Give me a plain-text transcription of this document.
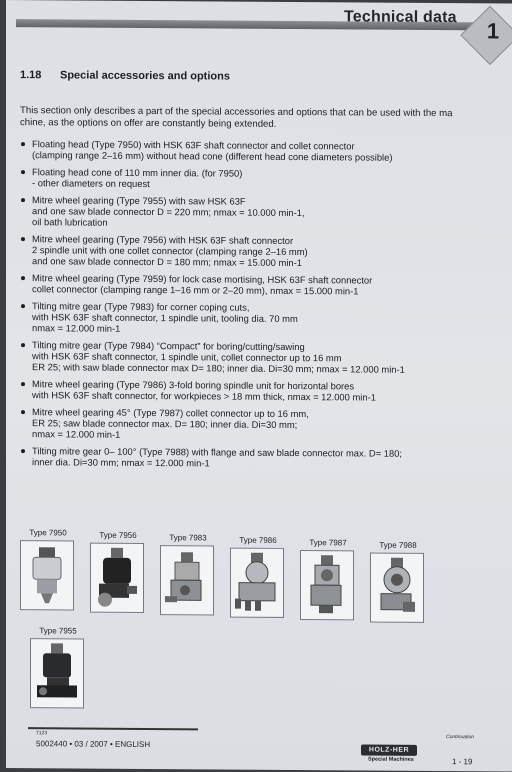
Technical data
1
1.18 Special accessories and options
This section only describes a part of the special accessories and options that can be used with the ma
chine, as the options on offer are constantly being extended.
Floating head (Type 7950) with HSK 63F shaft connector and collet connector
(clamping range 2–16 mm) without head cone (different head cone diameters possible)
Floating head cone of 110 mm inner dia. (for 7950)
- other diameters on request
Mitre wheel gearing (Type 7955) with saw HSK 63F
and one saw blade connector D = 220 mm; nmax = 10.000 min-1,
oil bath lubrication
Mitre wheel gearing (Type 7956) with HSK 63F shaft connector
2 spindle unit with one collet connector (clamping range 2–16 mm)
and one saw blade connector D = 180 mm; nmax = 15.000 min-1
Mitre wheel gearing (Type 7959) for lock case mortising, HSK 63F shaft connector
collet connector (clamping range 1–16 mm or 2–20 mm), nmax = 15.000 min-1
Tilting mitre gear (Type 7983) for corner coping cuts,
with HSK 63F shaft connector, 1 spindle unit, tooling dia. 70 mm
nmax = 12.000 min-1
Tilting mitre gear (Type 7984) “Compact” for boring/cutting/sawing
with HSK 63F shaft connector, 1 spindle unit, collet connector up to 16 mm
ER 25; with saw blade connector max D= 180; inner dia. Di=30 mm; nmax = 12.000 min-1
Mitre wheel gearing (Type 7986) 3-fold boring spindle unit for horizontal bores
with HSK 63F shaft connector, for workpieces > 18 mm thick, nmax = 12.000 min-1
Mitre wheel gearing 45° (Type 7987) collet connector up to 16 mm,
ER 25; saw blade connector max. D= 180; inner dia. Di=30 mm;
nmax = 12.000 min-1
Tilting mitre gear 0– 100° (Type 7988) with flange and saw blade connector max. D= 180;
inner dia. Di=30 mm; nmax = 12.000 min-1
Type 7950	Type 7956	Type 7983	Type 7986	Type 7987	Type 7988
Type 7955
7123
5002440 • 03 / 2007 • ENGLISH
Continuation
HOLZ-HER
Special Machines	1 - 19
